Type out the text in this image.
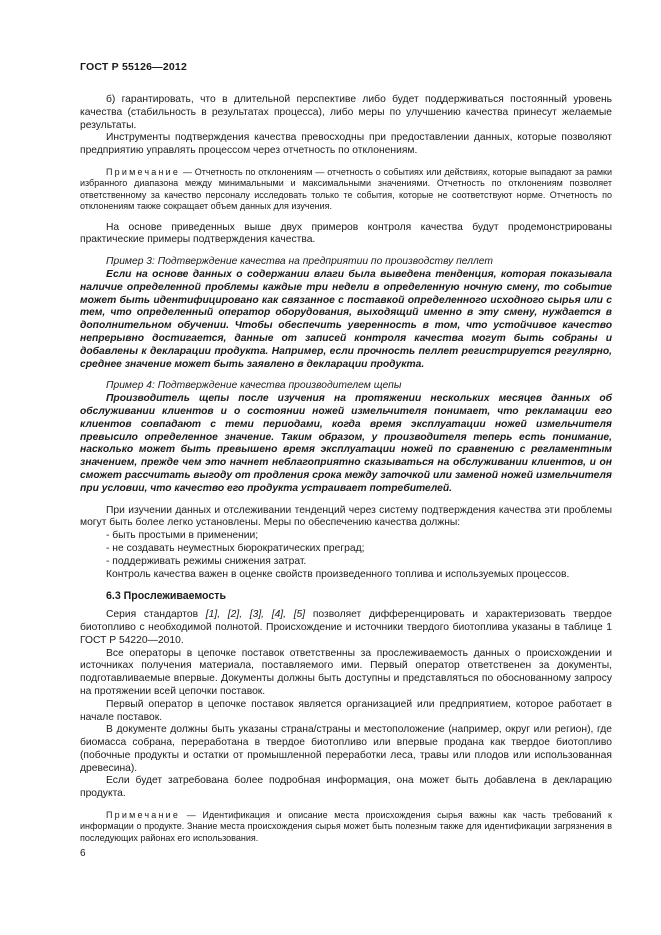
ГОСТ Р 55126—2012

б) гарантировать, что в длительной перспективе либо будет поддерживаться постоянный уровень качества (стабильность в результатах процесса), либо меры по улучшению качества принесут желаемые результаты.

Инструменты подтверждения качества превосходны при предоставлении данных, которые позволяют предприятию управлять процессом через отчетность по отклонениям.

Примечание — Отчетность по отклонениям — отчетность о событиях или действиях, которые выпадают за рамки избранного диапазона между минимальными и максимальными значениями. Отчетность по отклонениям позволяет ответственному за качество персоналу исследовать только те события, которые не соответствуют норме. Отчетность по отклонениям также сокращает объем данных для изучения.

На основе приведенных выше двух примеров контроля качества будут продемонстрированы практические примеры подтверждения качества.

Пример 3: Подтверждение качества на предприятии по производству пеллет

Если на основе данных о содержании влаги была выведена тенденция, которая показывала наличие определенной проблемы каждые три недели в определенную ночную смену, то событие может быть идентифицировано как связанное с поставкой определенного исходного сырья или с тем, что определенный оператор оборудования, выходящий именно в эту смену, нуждается в дополнительном обучении. Чтобы обеспечить уверенность в том, что устойчивое качество непрерывно достигается, данные от записей контроля качества могут быть собраны и добавлены к декларации продукта. Например, если прочность пеллет регистрируется регулярно, среднее значение может быть заявлено в декларации продукта.

Пример 4: Подтверждение качества производителем щепы

Производитель щепы после изучения на протяжении нескольких месяцев данных об обслуживании клиентов и о состоянии ножей измельчителя понимает, что рекламации его клиентов совпадают с теми периодами, когда время эксплуатации ножей измельчителя превысило определенное значение. Таким образом, у производителя теперь есть понимание, насколько может быть превышено время эксплуатации ножей по сравнению с регламентным значением, прежде чем это начнет неблагоприятно сказываться на обслуживании клиентов, и он сможет рассчитать выгоду от продления срока между заточкой или заменой ножей измельчителя при условии, что качество его продукта устраивает потребителей.

При изучении данных и отслеживании тенденций через систему подтверждения качества эти проблемы могут быть более легко установлены. Меры по обеспечению качества должны:

- быть простыми в применении;
- не создавать неуместных бюрократических преград;
- поддерживать режимы снижения затрат.

Контроль качества важен в оценке свойств произведенного топлива и используемых процессов.

6.3 Прослеживаемость

Серия стандартов [1], [2], [3], [4], [5] позволяет дифференцировать и характеризовать твердое биотопливо с необходимой полнотой. Происхождение и источники твердого биотоплива указаны в таблице 1 ГОСТ Р 54220—2010.

Все операторы в цепочке поставок ответственны за прослеживаемость данных о происхождении и источниках получения материала, поставляемого ими. Первый оператор ответственен за документы, подготавливаемые впервые. Документы должны быть доступны и представляться по обоснованному запросу на протяжении всей цепочки поставок.

Первый оператор в цепочке поставок является организацией или предприятием, которое работает в начале поставок.

В документе должны быть указаны страна/страны и местоположение (например, округ или регион), где биомасса собрана, переработана в твердое биотопливо или впервые продана как твердое биотопливо (побочные продукты и остатки от промышленной переработки леса, травы или плодов или использованная древесина).

Если будет затребована более подробная информация, она может быть добавлена в декларацию продукта.

Примечание — Идентификация и описание места происхождения сырья важны как часть требований к информации о продукте. Знание места происхождения сырья может быть полезным также для идентификации загрязнения в последующих районах его использования.

6
